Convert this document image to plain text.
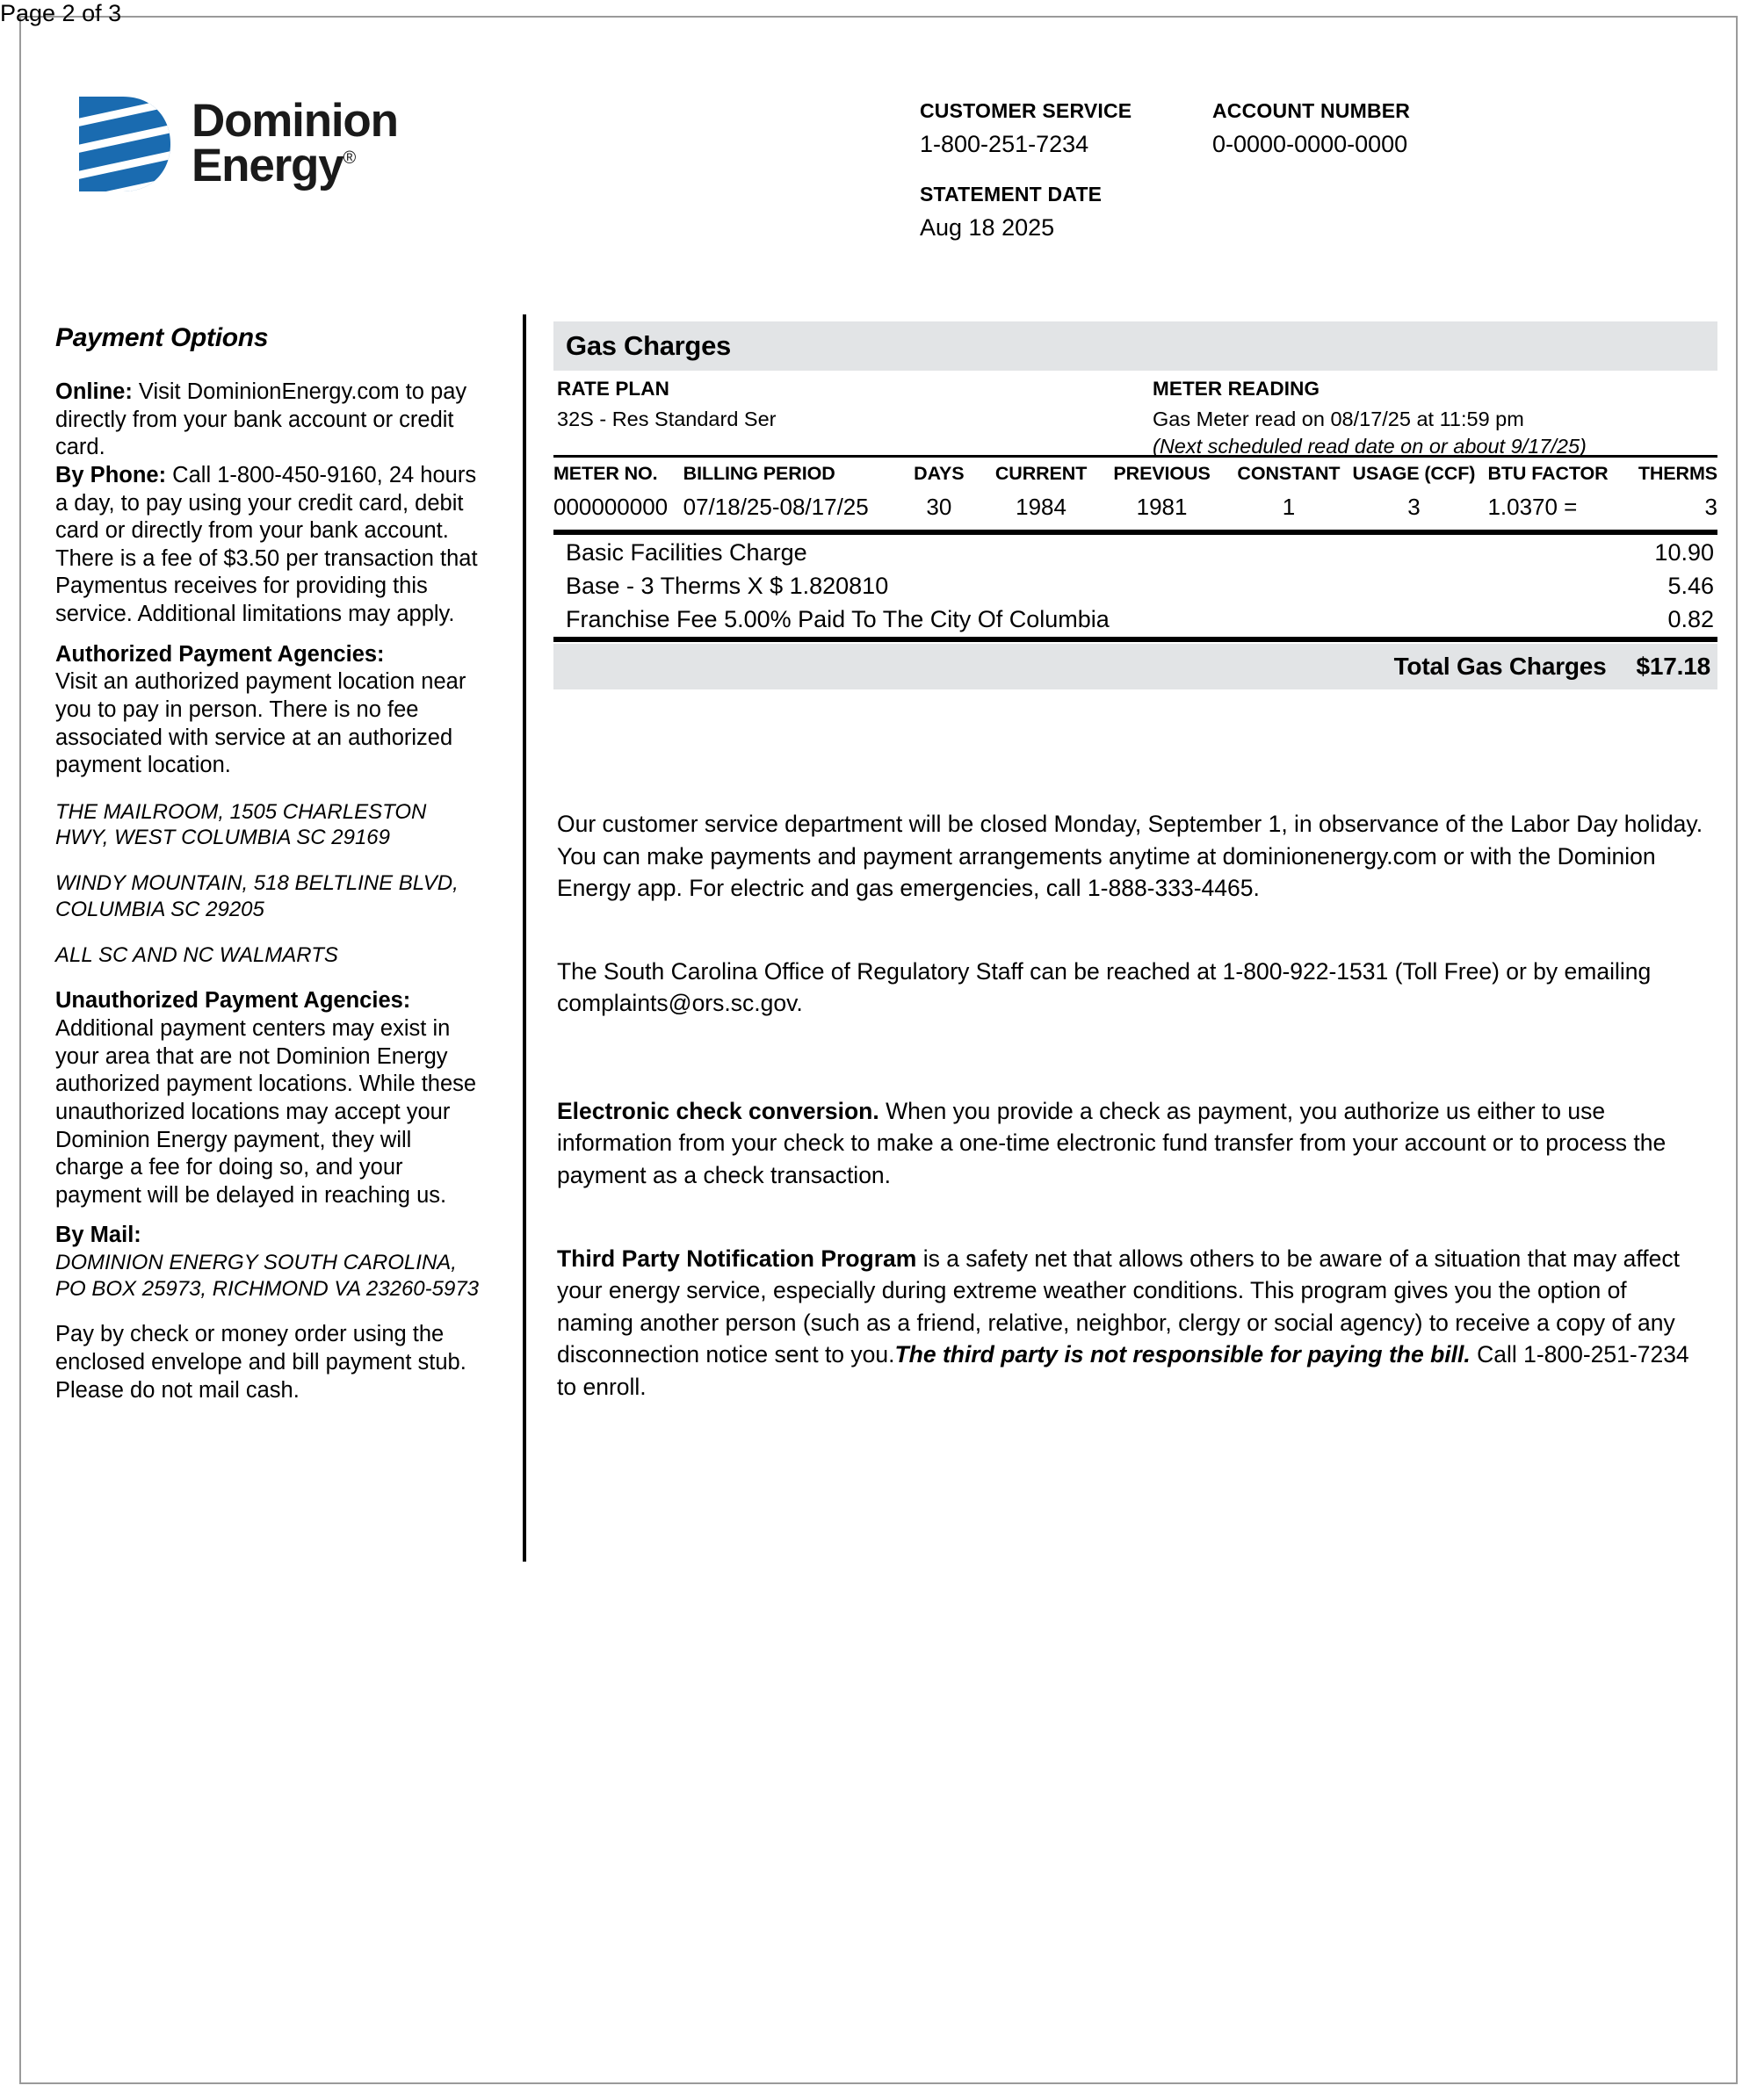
Dominion
Energy®
CUSTOMER SERVICE
1-800-251-7234
STATEMENT DATE
Aug 18 2025
ACCOUNT NUMBER
0-0000-0000-0000
Page 2 of 3
Payment Options

Online: Visit DominionEnergy.com to pay directly from your bank account or credit card.

By Phone: Call 1-800-450-9160, 24 hours a day, to pay using your credit card, debit card or directly from your bank account. There is a fee of $3.50 per transaction that Paymentus receives for providing this service. Additional limitations may apply.

Authorized Payment Agencies:
Visit an authorized payment location near you to pay in person. There is no fee associated with service at an authorized payment location.

THE MAILROOM, 1505 CHARLESTON HWY, WEST COLUMBIA SC 29169

WINDY MOUNTAIN, 518 BELTLINE BLVD, COLUMBIA SC 29205

ALL SC AND NC WALMARTS

Unauthorized Payment Agencies:
Additional payment centers may exist in your area that are not Dominion Energy authorized payment locations. While these unauthorized locations may accept your Dominion Energy payment, they will charge a fee for doing so, and your payment will be delayed in reaching us.

By Mail:

DOMINION ENERGY SOUTH CAROLINA, PO BOX 25973, RICHMOND VA 23260-5973

Pay by check or money order using the enclosed envelope and bill payment stub. Please do not mail cash.

Gas Charges
RATE PLAN
32S - Res Standard Ser
METER READING
Gas Meter read on 08/17/25 at 11:59 pm
(Next scheduled read date on or about 9/17/25)
METER NO.	BILLING PERIOD	DAYS	CURRENT	PREVIOUS	CONSTANT	USAGE (CCF)	BTU FACTOR	THERMS
000000000	07/18/25-08/17/25	30	1984	1981	1	3	1.0370 =	3
Basic Facilities Charge	10.90
Base - 3 Therms X $ 1.820810	5.46
Franchise Fee 5.00% Paid To The City Of Columbia	0.82
Total Gas Charges $17.18

Our customer service department will be closed Monday, September 1, in observance of the Labor Day holiday. You can make payments and payment arrangements anytime at dominionenergy.com or with the Dominion Energy app. For electric and gas emergencies, call 1-888-333-4465.

The South Carolina Office of Regulatory Staff can be reached at 1-800-922-1531 (Toll Free) or by emailing complaints@ors.sc.gov.

Electronic check conversion. When you provide a check as payment, you authorize us either to use information from your check to make a one-time electronic fund transfer from your account or to process the payment as a check transaction.

Third Party Notification Program is a safety net that allows others to be aware of a situation that may affect your energy service, especially during extreme weather conditions. This program gives you the option of naming another person (such as a friend, relative, neighbor, clergy or social agency) to receive a copy of any disconnection notice sent to you.The third party is not responsible for paying the bill. Call 1-800-251-7234 to enroll.
